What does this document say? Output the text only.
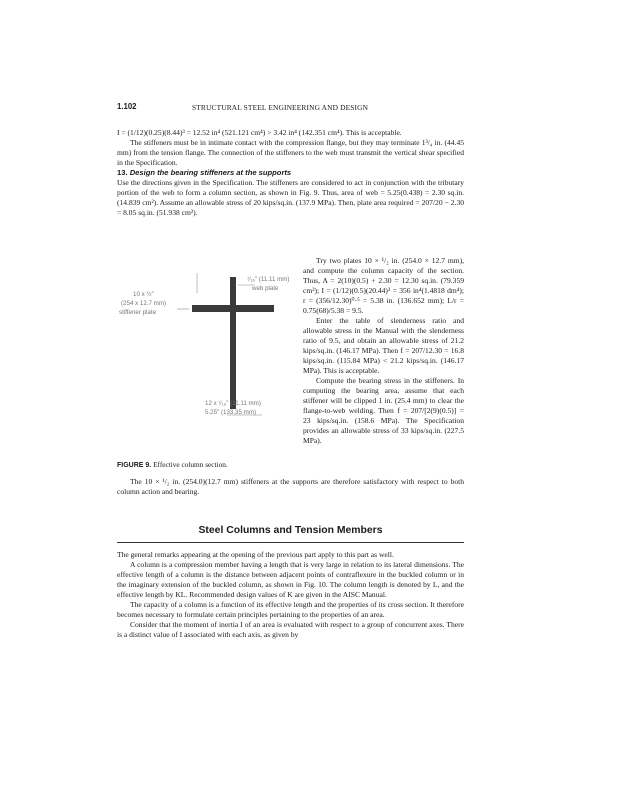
1.102	STRUCTURAL STEEL ENGINEERING AND DESIGN

I = (1/12)(0.25)(8.44)³ = 12.52 in⁴ (521.121 cm⁴) > 3.42 in⁴ (142.351 cm⁴). This is acceptable.

The stiffeners must be in intimate contact with the compression flange, but they may terminate 1³/₄ in. (44.45 mm) from the tension flange. The connection of the stiffeners to the web must transmit the vertical shear specified in the Specification.

13. Design the bearing stiffeners at the supports

Use the directions given in the Specification. The stiffeners are considered to act in conjunction with the tributary portion of the web to form a column section, as shown in Fig. 9. Thus, area of web = 5.25(0.438) = 2.30 sq.in. (14.839 cm²). Assume an allowable stress of 20 kips/sq.in. (137.9 MPa). Then, plate area required = 207/20 − 2.30 = 8.05 sq.in. (51.938 cm²).

⁷⁄₁₆" (11.11 mm)
web plate
10 x ½"
(254 x 12.7 mm)
stiffener plate
12 x ⁷⁄₁₆" (11.11 mm)
5.25" (133.35 mm)
FIGURE 9. Effective column section.

Try two plates 10 × ¹/₂ in. (254.0 × 12.7 mm), and compute the column capacity of the section. Thus, A = 2(10)(0.5) + 2.30 = 12.30 sq.in. (79.359 cm²); I = (1/12)(0.5)(20.44)³ = 356 in⁴(1.4818 dm⁴); r = (356/12.30)⁰·⁵ = 5.38 in. (136.652 mm); L/r = 0.75(68)/5.38 = 9.5.

Enter the table of slenderness ratio and allowable stress in the Manual with the slenderness ratio of 9.5, and obtain an allowable stress of 21.2 kips/sq.in. (146.17 MPa). Then f = 207/12.30 = 16.8 kips/sq.in. (115.84 MPa) < 21.2 kips/sq.in. (146.17 MPa). This is acceptable.

Compute the bearing stress in the stiffeners. In computing the bearing area, assume that each stiffener will be clipped 1 in. (25.4 mm) to clear the flange-to-web welding. Then f = 207/[2(9)(0.5)] = 23 kips/sq.in. (158.6 MPa). The Specification provides an allowable stress of 33 kips/sq.in. (227.5 MPa).

The 10 × ¹/₂ in. (254.0)(12.7 mm) stiffeners at the supports are therefore satisfactory with respect to both column action and bearing.

Steel Columns and Tension Members

The general remarks appearing at the opening of the previous part apply to this part as well.

A column is a compression member having a length that is very large in relation to its lateral dimensions. The effective length of a column is the distance between adjacent points of contraflexure in the buckled column or in the imaginary extension of the buckled column, as shown in Fig. 10. The column length is denoted by L, and the effective length by KL. Recommended design values of K are given in the AISC Manual.

The capacity of a column is a function of its effective length and the properties of its cross section. It therefore becomes necessary to formulate certain principles pertaining to the properties of an area.

Consider that the moment of inertia I of an area is evaluated with respect to a group of concurrent axes. There is a distinct value of I associated with each axis, as given by
